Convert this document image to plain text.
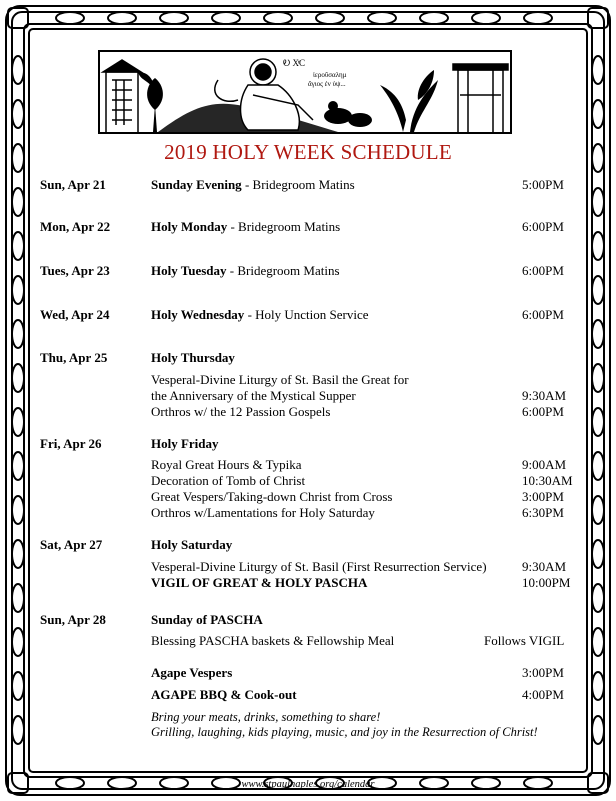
Ꭷ ΧͤϹ
ἰεροῦσαλημ
ἄγιος ἐν ὑψ...
2019 HOLY WEEK SCHEDULE
Sun, Apr 21	Sunday Evening - Bridegroom Matins	5:00PM
Mon, Apr 22	Holy Monday - Bridegroom Matins	6:00PM
Tues, Apr 23	Holy Tuesday - Bridegroom Matins	6:00PM
Wed, Apr 24	Holy Wednesday - Holy Unction Service	6:00PM
Thu, Apr 25	Holy Thursday
Vesperal-Divine Liturgy of St. Basil the Great for
the Anniversary of the Mystical Supper	9:30AM
Orthros w/ the 12 Passion Gospels	6:00PM
Fri, Apr 26	Holy Friday
Royal Great Hours & Typika	9:00AM
Decoration of Tomb of Christ	10:30AM
Great Vespers/Taking-down Christ from Cross	3:00PM
Orthros w/Lamentations for Holy Saturday	6:30PM
Sat, Apr 27	Holy Saturday
Vesperal-Divine Liturgy of St. Basil (First Resurrection Service)	9:30AM
VIGIL OF GREAT & HOLY PASCHA	10:00PM
Sun, Apr 28	Sunday of PASCHA
Blessing PASCHA baskets & Fellowship Meal	Follows VIGIL
Agape Vespers	3:00PM
AGAPE BBQ & Cook-out	4:00PM
Bring your meats, drinks, something to share!
Grilling, laughing, kids playing, music, and joy in the Resurrection of Christ!
www.stpaulnaples.org/calendar
